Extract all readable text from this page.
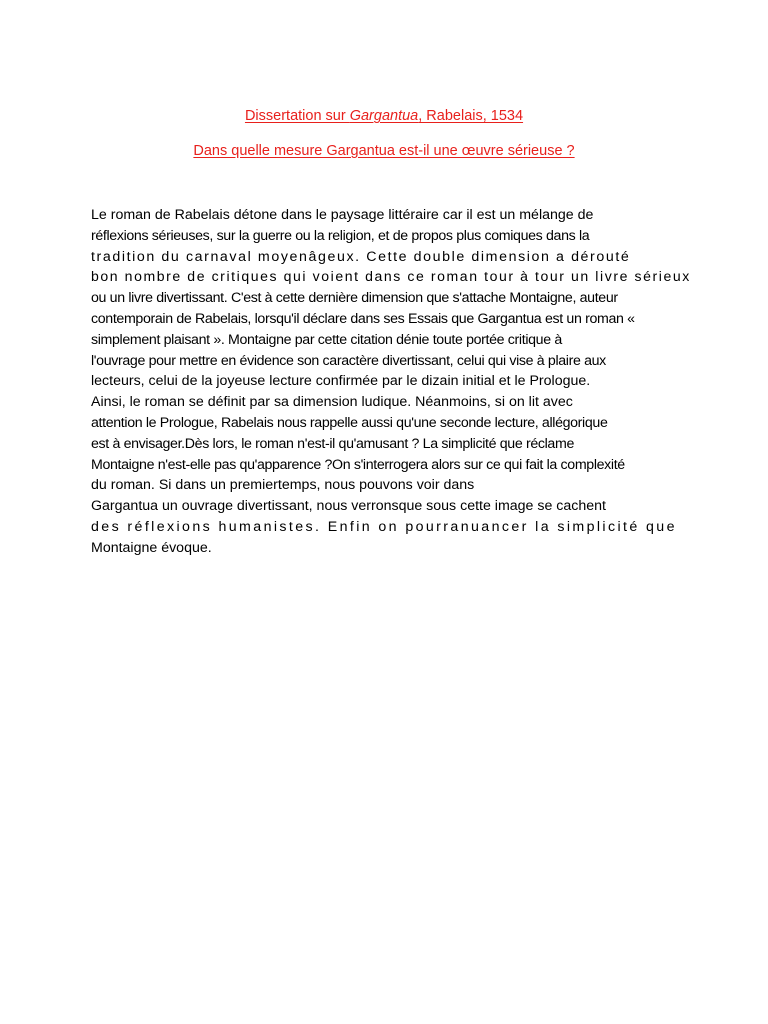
Dissertation sur Gargantua, Rabelais, 1534
Dans quelle mesure Gargantua est-il une œuvre sérieuse ?
Le roman de Rabelais détone dans le paysage littéraire car il est un mélange de
réflexions sérieuses, sur la guerre ou la religion, et de propos plus comiques dans la
tradition du carnaval moyenâgeux. Cette double dimension a dérouté
bon nombre de critiques qui voient dans ce roman tour à tour un livre sérieux
ou un livre divertissant. C'est à cette dernière dimension que s'attache Montaigne, auteur
contemporain de Rabelais, lorsqu'il déclare dans ses Essais que Gargantua est un roman «
simplement plaisant ». Montaigne par cette citation dénie toute portée critique à
l'ouvrage pour mettre en évidence son caractère divertissant, celui qui vise à plaire aux
lecteurs, celui de la joyeuse lecture confirmée par le dizain initial et le Prologue.
Ainsi, le roman se définit par sa dimension ludique. Néanmoins, si on lit avec
attention le Prologue, Rabelais nous rappelle aussi qu'une seconde lecture, allégorique
est à envisager.Dès lors, le roman n'est-il qu'amusant ? La simplicité que réclame
Montaigne n'est-elle pas qu'apparence ?On s'interrogera alors sur ce qui fait la complexité
du roman. Si dans un premiertemps, nous pouvons voir dans
Gargantua un ouvrage divertissant, nous verronsque sous cette image se cachent
des réflexions humanistes. Enfin on pourranuancer la simplicité que
Montaigne évoque.
